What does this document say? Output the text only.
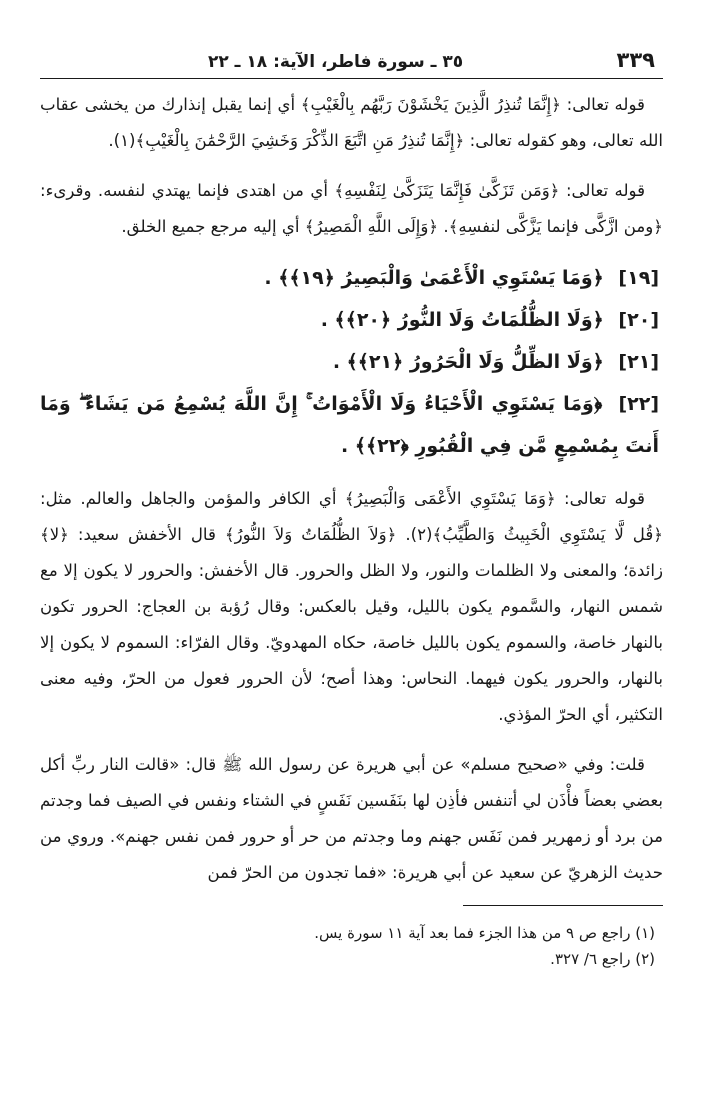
٣٣٩
٣٥ ـ سورة فاطر، الآية: ١٨ ـ ٢٢

قوله تعالى: ﴿إِنَّمَا تُنذِرُ الَّذِينَ يَخْشَوْنَ رَبَّهُم بِالْغَيْبِ﴾ أي إنما يقبل إنذارك من يخشى عقاب الله تعالى، وهو كقوله تعالى: ﴿إِنَّمَا تُنذِرُ مَنِ اتَّبَعَ الذِّكْرَ وَخَشِيَ الرَّحْمَٰنَ بِالْغَيْبِ﴾(١).

قوله تعالى: ﴿وَمَن تَزَكَّىٰ فَإِنَّمَا يَتَزَكَّىٰ لِنَفْسِهِ﴾ أي من اهتدى فإنما يهتدي لنفسه. وقرىء: ﴿ومن ازَّكَّى فإنما يَزَّكَّى لنفسِهِ﴾. ﴿وَإِلَى اللَّهِ الْمَصِيرُ﴾ أي إليه مرجع جميع الخلق.

[١٩] ﴿وَمَا يَسْتَوِي الْأَعْمَىٰ وَالْبَصِيرُ ﴿١٩﴾﴾ .
[٢٠] ﴿وَلَا الظُّلُمَاتُ وَلَا النُّورُ ﴿٢٠﴾﴾ .
[٢١] ﴿وَلَا الظِّلُّ وَلَا الْحَرُورُ ﴿٢١﴾﴾ .
[٢٢] ﴿وَمَا يَسْتَوِي الْأَحْيَاءُ وَلَا الْأَمْوَاتُ ۚ إِنَّ اللَّهَ يُسْمِعُ مَن يَشَاءُ ۖ وَمَا أَنتَ بِمُسْمِعٍ مَّن فِي الْقُبُورِ ﴿٢٢﴾﴾ .

قوله تعالى: ﴿وَمَا يَسْتَوِي الأَعْمَى وَالْبَصِيرُ﴾ أي الكافر والمؤمن والجاهل والعالم. مثل: ﴿قُل لَّا يَسْتَوِي الْخَبِيثُ وَالطَّيِّبُ﴾(٢). ﴿وَلاَ الظُّلُمَاتُ وَلاَ النُّورُ﴾ قال الأخفش سعيد: ﴿لا﴾ زائدة؛ والمعنى ولا الظلمات والنور، ولا الظل والحرور. قال الأخفش: والحرور لا يكون إلا مع شمس النهار، والسَّموم يكون بالليل، وقيل بالعكس: وقال رُؤبة بن العجاج: الحرور تكون بالنهار خاصة، والسموم يكون بالليل خاصة، حكاه المهدويّ. وقال الفرّاء: السموم لا يكون إلا بالنهار، والحرور يكون فيهما. النحاس: وهذا أصح؛ لأن الحرور فعول من الحرّ، وفيه معنى التكثير، أي الحرّ المؤذي.

قلت: وفي «صحيح مسلم» عن أبي هريرة عن رسول الله ﷺ قال: «قالت النار ربِّ أكل بعضي بعضاً فأْذَن لي أتنفس فأذِن لها بنَفَسين نَفَسٍ في الشتاء ونفس في الصيف فما وجدتم من برد أو زمهرير فمن نَفَس جهنم وما وجدتم من حر أو حرور فمن نفس جهنم». وروي من حديث الزهريّ عن سعيد عن أبي هريرة: «فما تجدون من الحرّ فمن

(١) راجع ص ٩ من هذا الجزء فما بعد آية ١١ سورة يس.

(٢) راجع ٦/ ٣٢٧.
